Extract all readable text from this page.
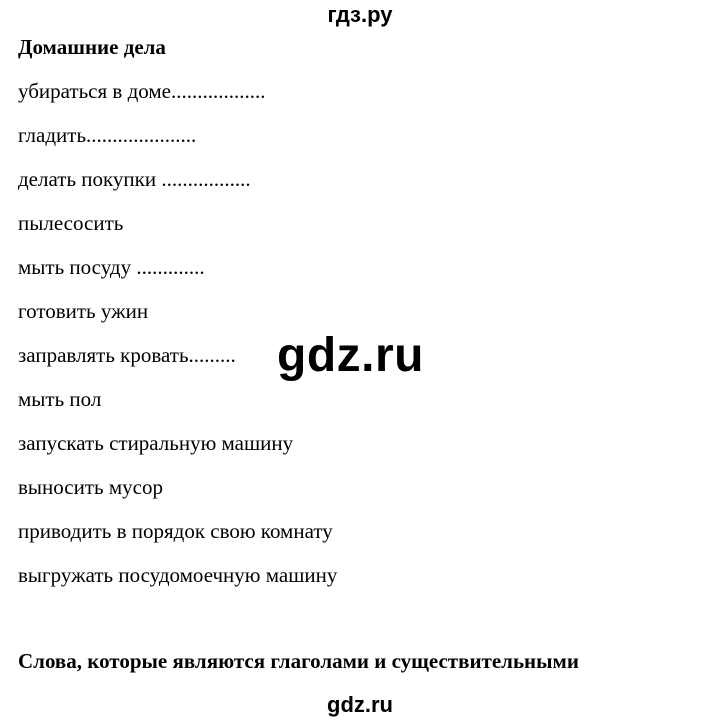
гдз.ру
Домашние дела
убираться в доме..................
гладить.....................
делать покупки .................
пылесосить
мыть посуду .............
готовить ужин
заправлять кровать.........
мыть пол
запускать стиральную машину
выносить мусор
приводить в порядок свою комнату
выгружать посудомоечную машину
gdz.ru
Слова, которые являются глаголами и существительными
gdz.ru
